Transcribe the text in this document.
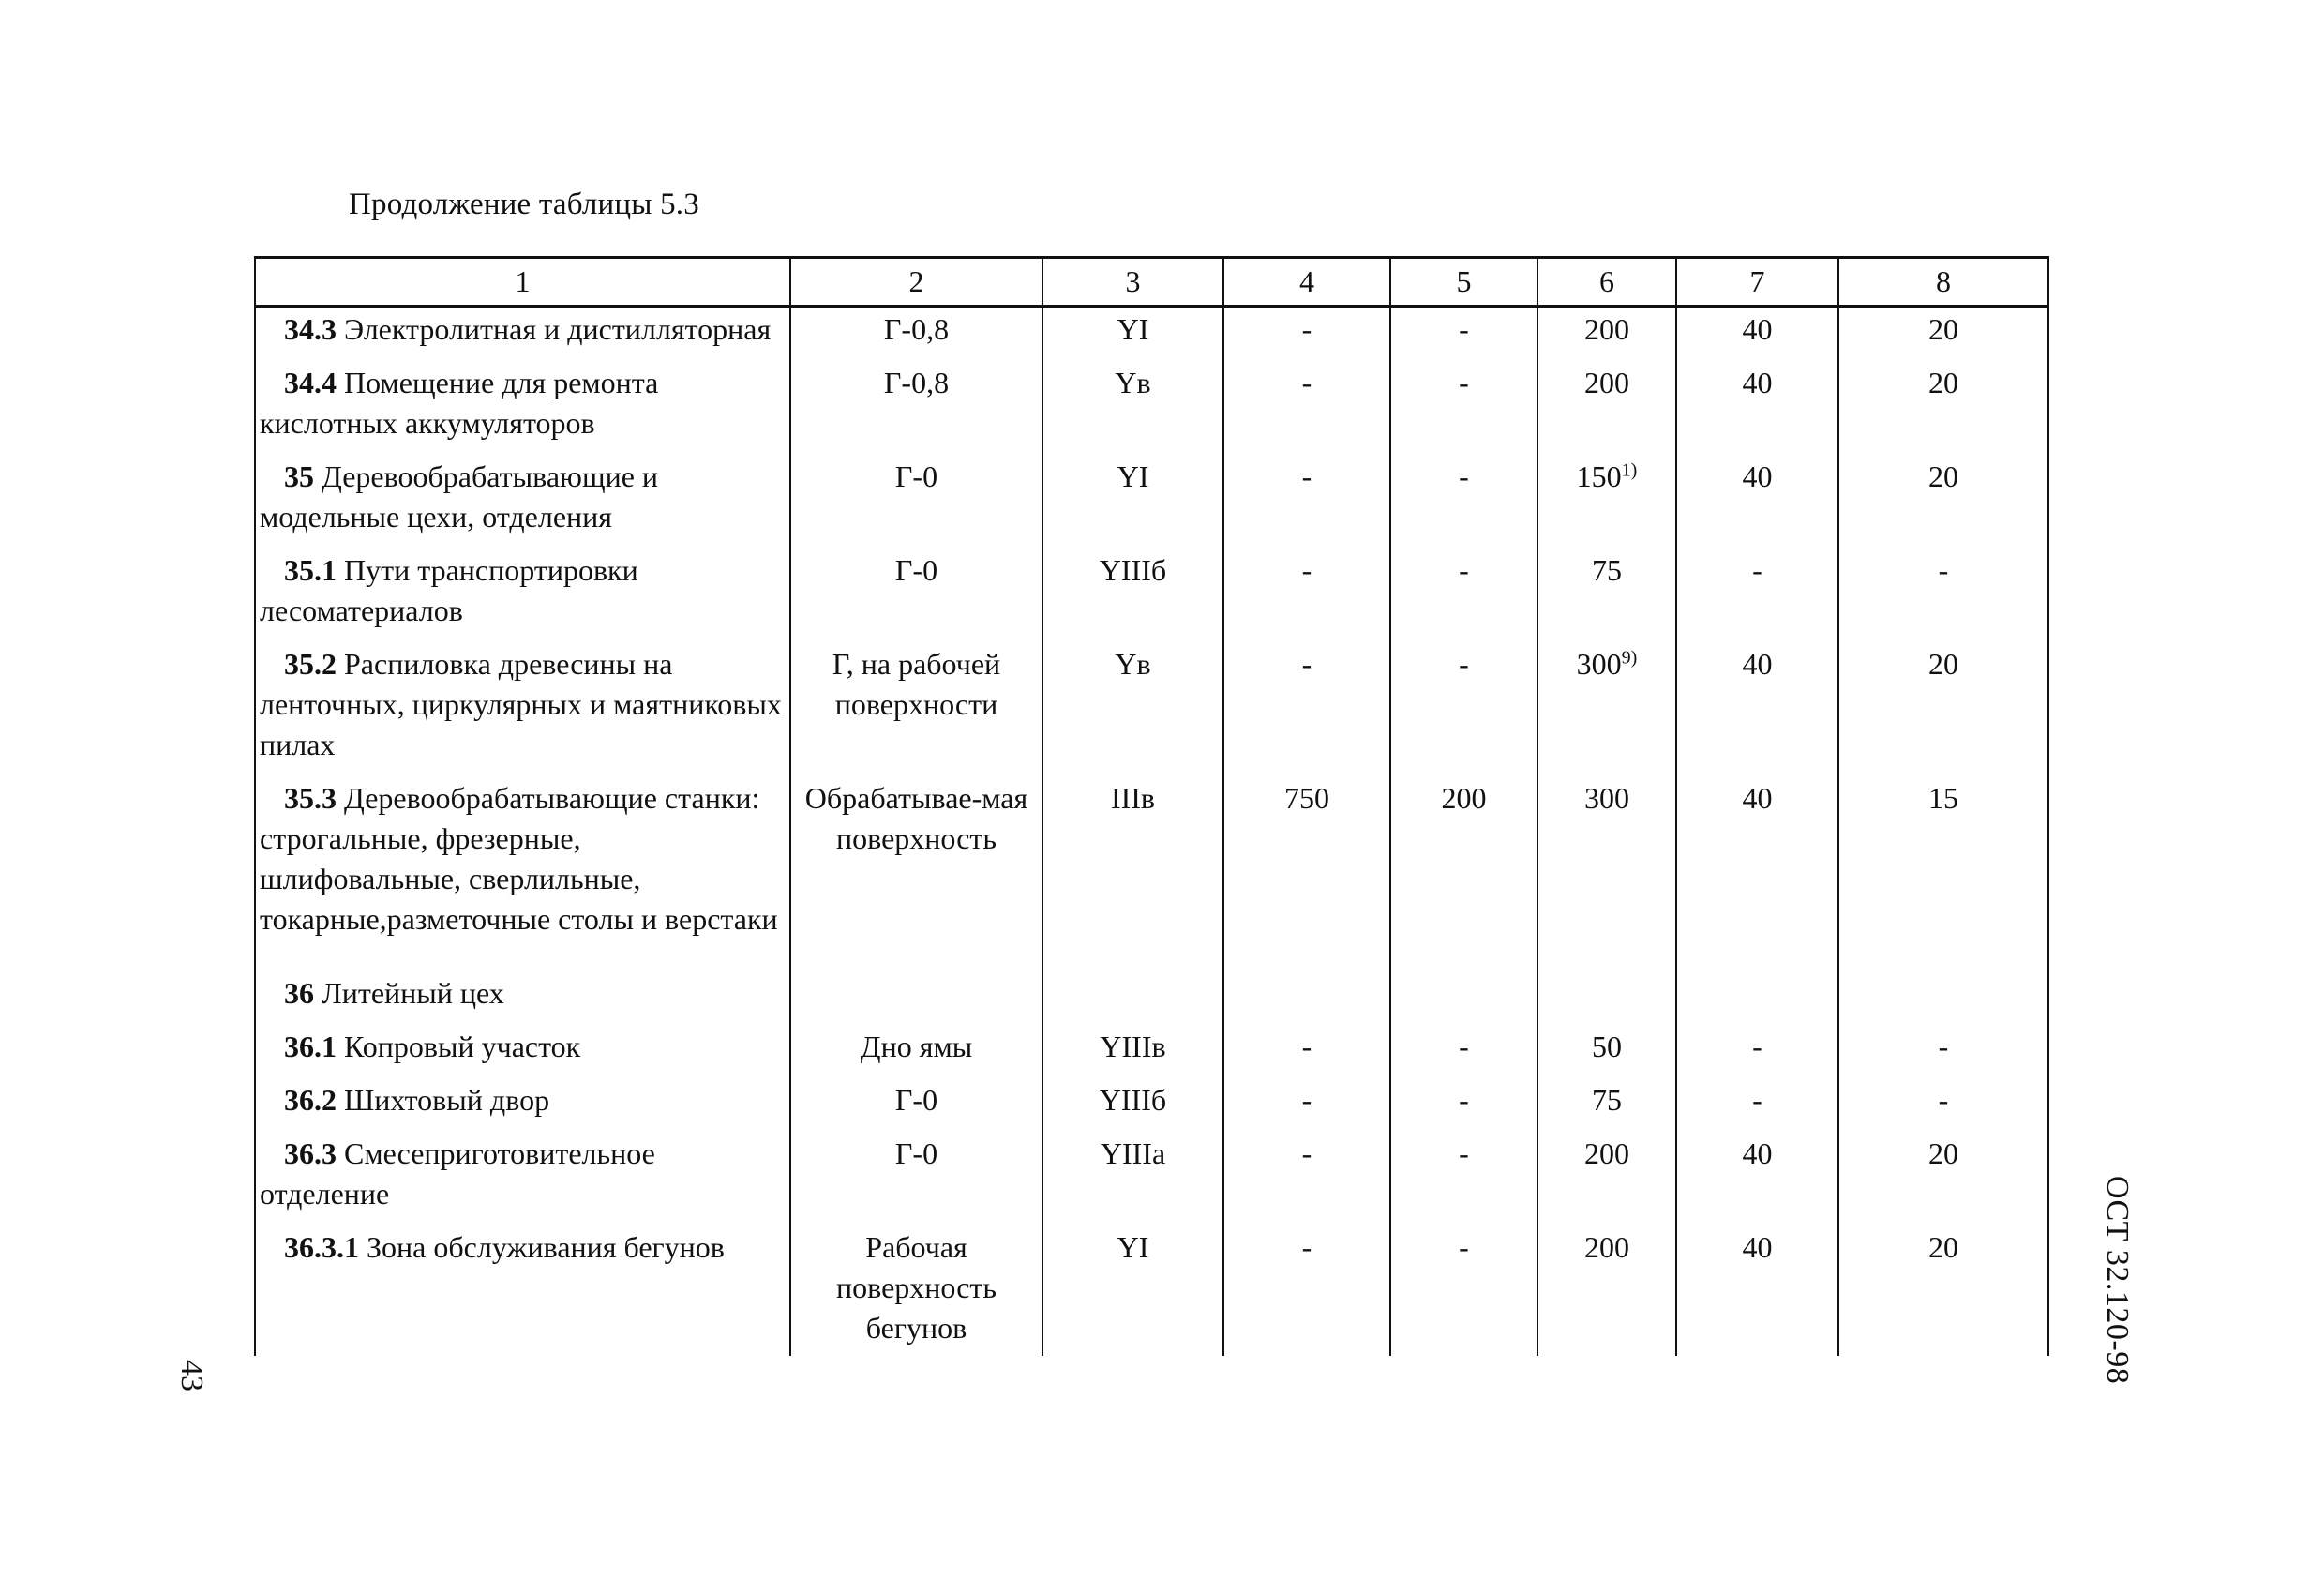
Продолжение таблицы 5.3
1	2	3	4	5	6	7	8
34.3 Электролитная и дистилляторная	Г-0,8	YI	-	-	200	40	20
34.4 Помещение для ремонта кислотных аккумуляторов	Г-0,8	Yв	-	-	200	40	20
35 Деревообрабатывающие и модельные цехи, отделения	Г-0	YI	-	-	150$^{1)}$	40	20
35.1 Пути транспортировки лесоматериалов	Г-0	YIIIб	-	-	75	-	-
35.2 Распиловка древесины на ленточных, циркулярных и маятниковых пилах	Г, на рабочей поверхности	Yв	-	-	300$^{9)}$	40	20
35.3 Деревообрабатывающие станки: строгальные, фрезерные, шлифовальные, сверлильные, токарные,разметочные столы и верстаки	Обрабатывае-мая поверхность	IIIв	750	200	300	40	15
36 Литейный цех							
36.1 Копровый участок	Дно ямы	YIIIв	-	-	50	-	-
36.2 Шихтовый двор	Г-0	YIIIб	-	-	75	-	-
36.3 Смесеприготовительное отделение	Г-0	YIIIа	-	-	200	40	20
36.3.1 Зона обслуживания бегунов	Рабочая поверхность бегунов	YI	-	-	200	40	20	ОСТ 32.120-98
43
